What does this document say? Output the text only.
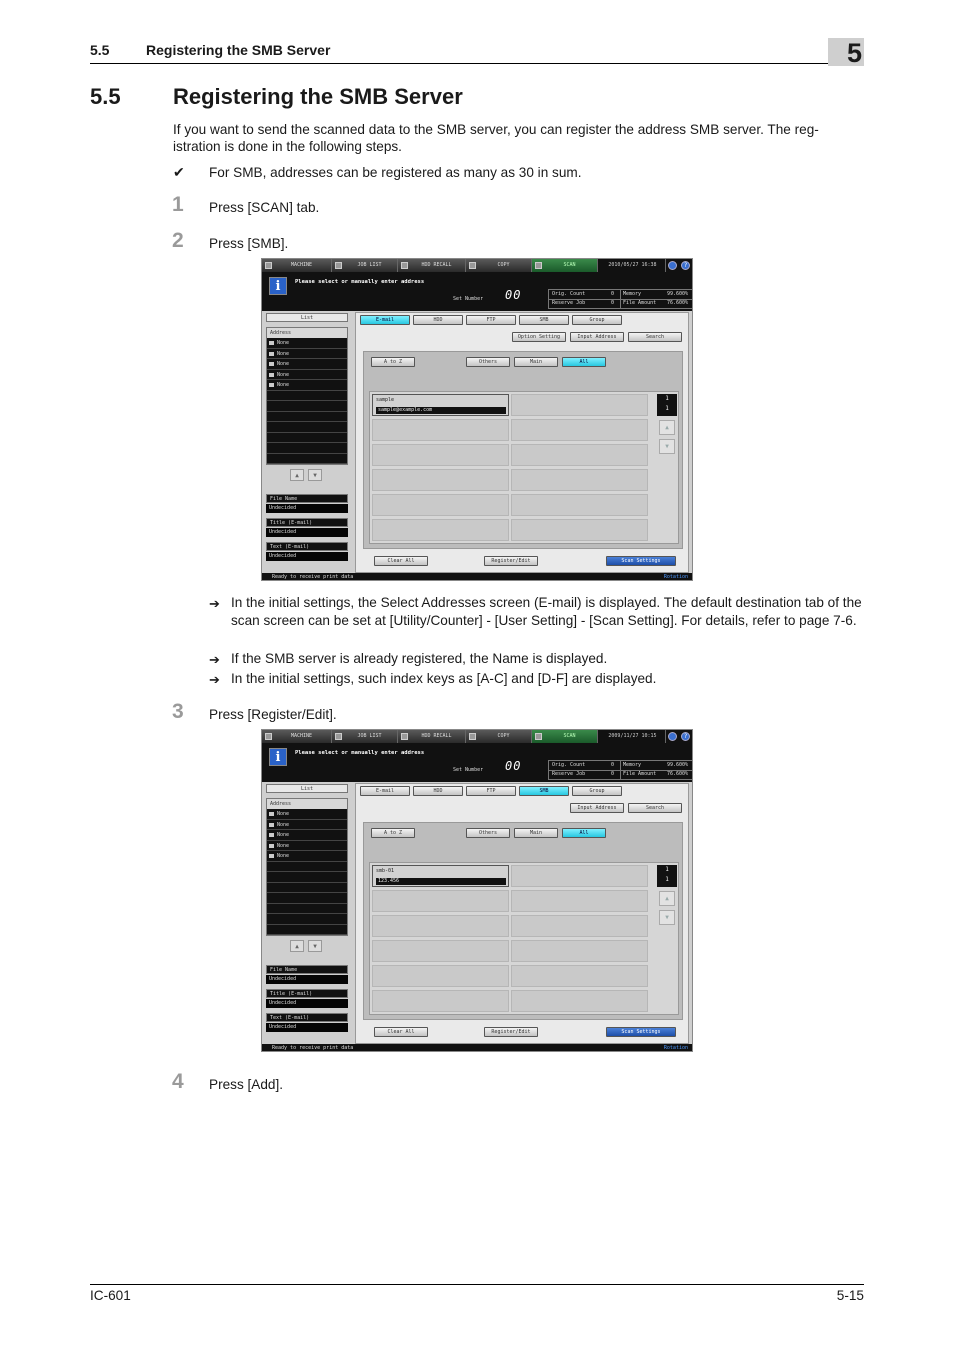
5.5	Registering the SMB Server	5
5.5 Registering the SMB Server

If you want to send the scanned data to the SMB server, you can register the address SMB server. The reg-istration is done in the following steps.

✔ For SMB, addresses can be registered as many as 30 in sum.
1 Press [SCAN] tab.
2 Press [SMB].
MACHINE	JOB LIST	HDD RECALL	COPY	SCAN	2010/05/27 16:38	?
i	Please select or manually enter address
Set Number 00	Orig. Count	0 Memory	99.600%
Reserve Job	0 File Amount 76.600%
List
Address
None
None
None
None
None
▲	▼
File Name
Undecided
Title (E-mail)
Undecided
Text (E-mail)
Undecided
E-mail	HDD	FTP	SMB	Group
Option Setting	Input Address	Search
A to Z	Others	Main	All
sample
sample@example.com
1
1
▲
▼
Clear All	Register/Edit	Scan Settings
Ready to receive print data	Rotation
➔ In the initial settings, the Select Addresses screen (E-mail) is displayed. The default destination tab of the scan screen can be set at [Utility/Counter] - [User Setting] - [Scan Setting]. For details, refer to page 7-6.

➔ If the SMB server is already registered, the Name is displayed.

➔ In the initial settings, such index keys as [A-C] and [D-F] are displayed.

3 Press [Register/Edit].
MACHINE	JOB LIST	HDD RECALL	COPY	SCAN	2009/11/27 10:15	?
i	Please select or manually enter address
Set Number 00	Orig. Count	0 Memory	99.600%
Reserve Job	0 File Amount 76.600%
List
Address
None
None
None
None
None
▲	▼
File Name
Undecided
Title (E-mail)
Undecided
Text (E-mail)
Undecided
E-mail	HDD	FTP	SMB	Group
Input Address	Search
A to Z	Others	Main	All
smb-01
123.456
1
1
▲
▼
Clear All	Register/Edit	Scan Settings
Ready to receive print data	Rotation
4 Press [Add].
IC-601	5-15
